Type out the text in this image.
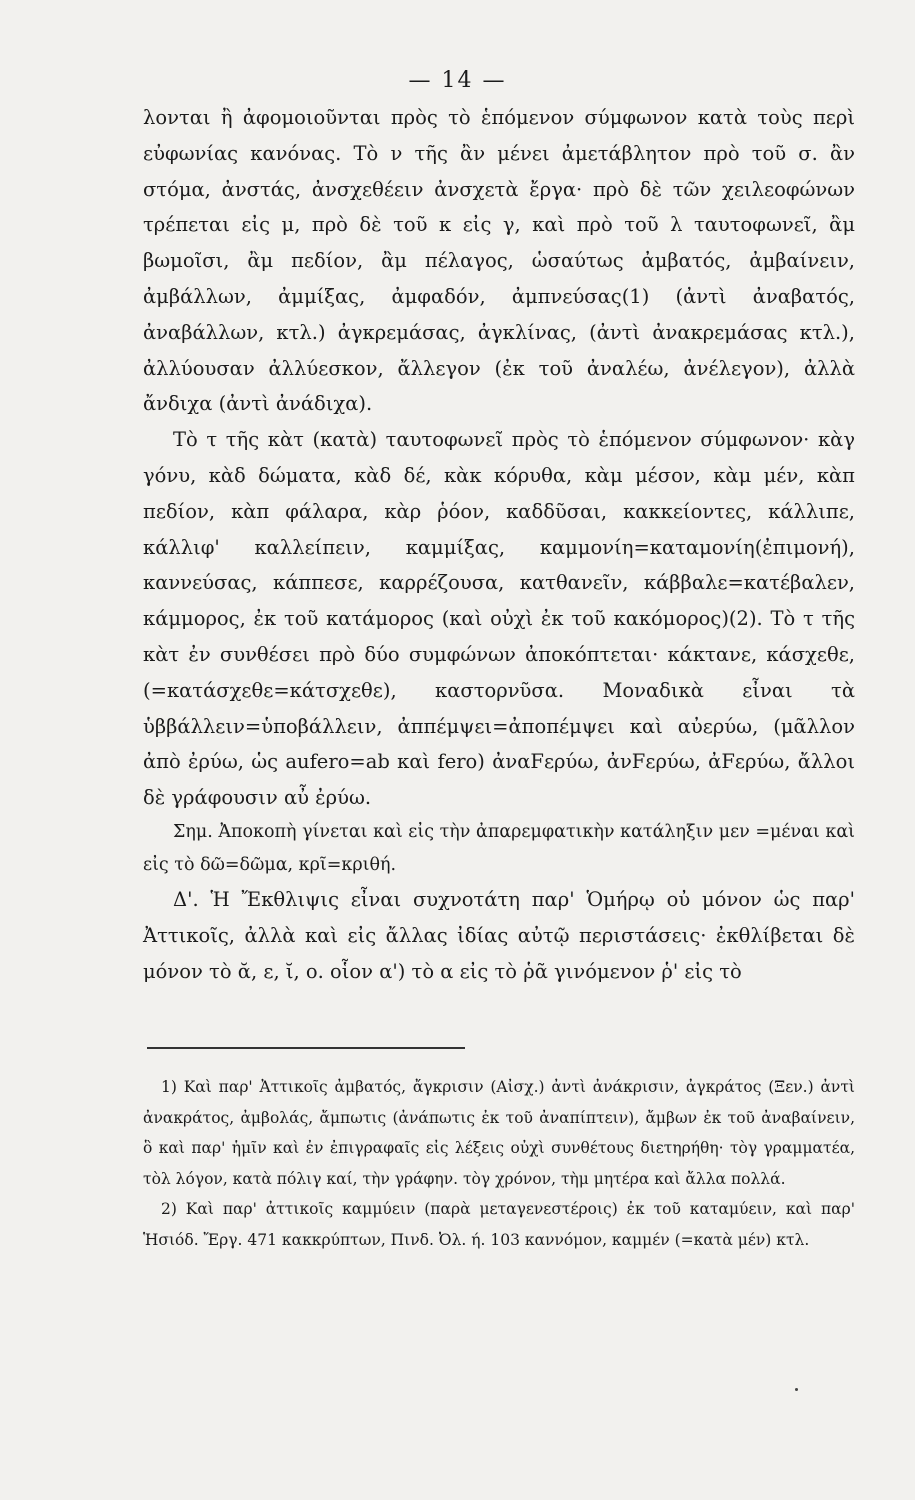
— 14 —

λονται ἢ ἀφομοιοῦνται πρὸς τὸ ἑπόμενον σύμφωνον κατὰ τοὺς περὶ εὐφωνίας κανόνας. Τὸ ν τῆς ἂν μένει ἀμετάβλητον πρὸ τοῦ σ. ἂν στόμα, ἀνστάς, ἀνσχεθέειν ἀνσχετὰ ἔργα· πρὸ δὲ τῶν χειλεοφώνων τρέπεται εἰς μ, πρὸ δὲ τοῦ κ εἰς γ, καὶ πρὸ τοῦ λ ταυτοφωνεῖ, ἂμ βωμοῖσι, ἂμ πεδίον, ἂμ πέλαγος, ὡσαύτως ἀμβατός, ἀμβαίνειν, ἀμβάλλων, ἀμμίξας, ἀμφαδόν, ἀμπνεύσας(1) (ἀντὶ ἀναβατός, ἀναβάλλων, κτλ.) ἀγκρεμάσας, ἀγκλίνας, (ἀντὶ ἀνακρεμάσας κτλ.), ἀλλύουσαν ἀλλύεσκον, ἄλλεγον (ἐκ τοῦ ἀναλέω, ἀνέλεγον), ἀλλὰ ἄνδιχα (ἀντὶ ἀνάδιχα).

Τὸ τ τῆς κὰτ (κατὰ) ταυτοφωνεῖ πρὸς τὸ ἑπόμενον σύμφωνον· κὰγ γόνυ, κὰδ δώματα, κὰδ δέ, κὰκ κόρυθα, κὰμ μέσον, κὰμ μέν, κὰπ πεδίον, κὰπ φάλαρα, κὰρ ῥόον, καδδῦσαι, κακκείοντες, κάλλιπε, κάλλιφ' καλλείπειν, καμμίξας, καμμονίη=καταμονίη(ἐπιμονή), καννεύσας, κάππεσε, καρρέζουσα, κατθανεῖν, κάββαλε=κατέβαλεν, κάμμορος, ἐκ τοῦ κατάμορος (καὶ οὐχὶ ἐκ τοῦ κακόμορος)(2). Τὸ τ τῆς κὰτ ἐν συνθέσει πρὸ δύο συμφώνων ἀποκόπτεται· κάκτανε, κάσχεθε, (=κατάσχεθε=κάτσχεθε), καστορνῦσα. Μοναδικὰ εἶναι τὰ ὑββάλλειν=ὑποβάλλειν, ἀππέμψει=ἀποπέμψει καὶ αὐερύω, (μᾶλλον ἀπὸ ἐρύω, ὡς aufero=ab καὶ fero) ἀναFερύω, ἀνFερύω, ἀFερύω, ἄλλοι δὲ γράφουσιν αὖ ἐρύω.

Σημ. Ἀποκοπὴ γίνεται καὶ εἰς τὴν ἀπαρεμφατικὴν κατάληξιν μεν =μέναι καὶ εἰς τὸ δῶ=δῶμα, κρῖ=κριθή.

Δ'. Ἡ Ἔκθλιψις εἶναι συχνοτάτη παρ' Ὁμήρῳ οὐ μόνον ὡς παρ' Ἀττικοῖς, ἀλλὰ καὶ εἰς ἄλλας ἰδίας αὐτῷ περιστάσεις· ἐκθλίβεται δὲ μόνον τὸ ᾰ, ε, ῐ, ο. οἷον α') τὸ α εἰς τὸ ῥᾶ γινόμενον ῥ' εἰς τὸ

1) Καὶ παρ' Ἀττικοῖς ἀμβατός, ἄγκρισιν (Αἰσχ.) ἀντὶ ἀνάκρισιν, ἀγκράτος (Ξεν.) ἀντὶ ἀνακράτος, ἀμβολάς, ἄμπωτις (ἀνάπωτις ἐκ τοῦ ἀναπίπτειν), ἄμβων ἐκ τοῦ ἀναβαίνειν, ὃ καὶ παρ' ἡμῖν καὶ ἐν ἐπιγραφαῖς εἰς λέξεις οὐχὶ συνθέτους διετηρήθη· τὸγ γραμματέα, τὸλ λόγον, κατὰ πόλιγ καί, τὴν γράφην. τὸγ χρόνον, τὴμ μητέρα καὶ ἄλλα πολλά.

2) Καὶ παρ' ἀττικοῖς καμμύειν (παρὰ μεταγενεστέροις) ἐκ τοῦ καταμύειν, καὶ παρ' Ἡσιόδ. Ἔργ. 471 κακκρύπτων, Πινδ. Ὀλ. ή. 103 καννόμον, καμμέν (=κατὰ μέν) κτλ.
